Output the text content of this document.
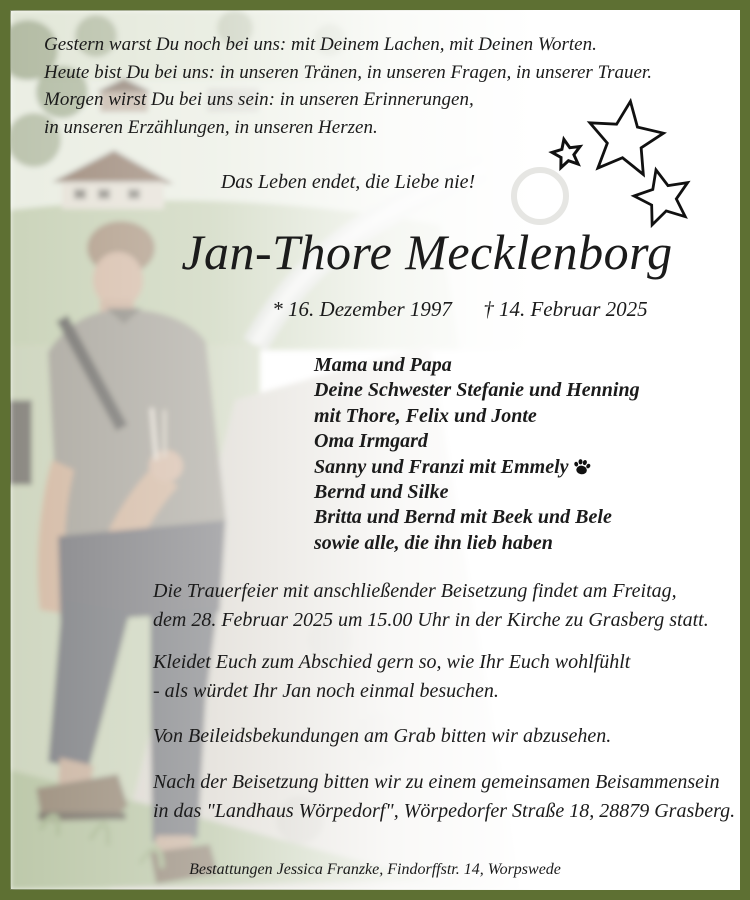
Gestern warst Du noch bei uns: mit Deinem Lachen, mit Deinen Worten.
Heute bist Du bei uns: in unseren Tränen, in unseren Fragen, in unserer Trauer.
Morgen wirst Du bei uns sein: in unseren Erinnerungen,
in unseren Erzählungen, in unseren Herzen.
Das Leben endet, die Liebe nie!
Jan-Thore Mecklenborg
* 16. Dezember 1997 † 14. Februar 2025
Mama und Papa
Deine Schwester Stefanie und Henning
mit Thore, Felix und Jonte
Oma Irmgard
Sanny und Franzi mit Emmely
Bernd und Silke
Britta und Bernd mit Beek und Bele
sowie alle, die ihn lieb haben
Die Trauerfeier mit anschließender Beisetzung findet am Freitag,
dem 28. Februar 2025 um 15.00 Uhr in der Kirche zu Grasberg statt.
Kleidet Euch zum Abschied gern so, wie Ihr Euch wohlfühlt
- als würdet Ihr Jan noch einmal besuchen.
Von Beileidsbekundungen am Grab bitten wir abzusehen.
Nach der Beisetzung bitten wir zu einem gemeinsamen Beisammensein
in das "Landhaus Wörpedorf", Wörpedorfer Straße 18, 28879 Grasberg.
Bestattungen Jessica Franzke, Findorffstr. 14, Worpswede
